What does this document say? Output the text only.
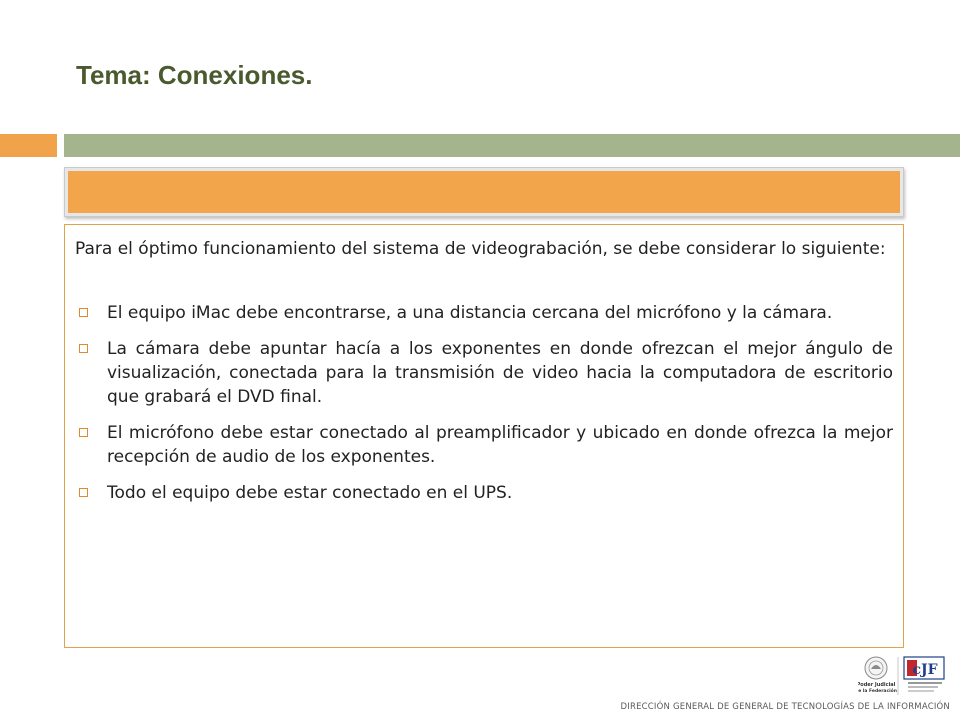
Tema: Conexiones.

Para el óptimo funcionamiento del sistema de videograbación, se debe considerar lo siguiente:

El equipo iMac debe encontrarse, a una distancia cercana del micrófono y la cámara.
La cámara debe apuntar hacía a los exponentes en donde ofrezcan el mejor ángulo de visualización, conectada para la transmisión de video hacia la computadora de escritorio que grabará el DVD final.
El micrófono debe estar conectado al preamplificador y ubicado en donde ofrezca la mejor recepción de audio de los exponentes.
Todo el equipo debe estar conectado en el UPS.
Poder Judicial
de la Federación
cJF
DIRECCIÓN GENERAL DE GENERAL DE TECNOLOGÍAS DE LA INFORMACIÓN
